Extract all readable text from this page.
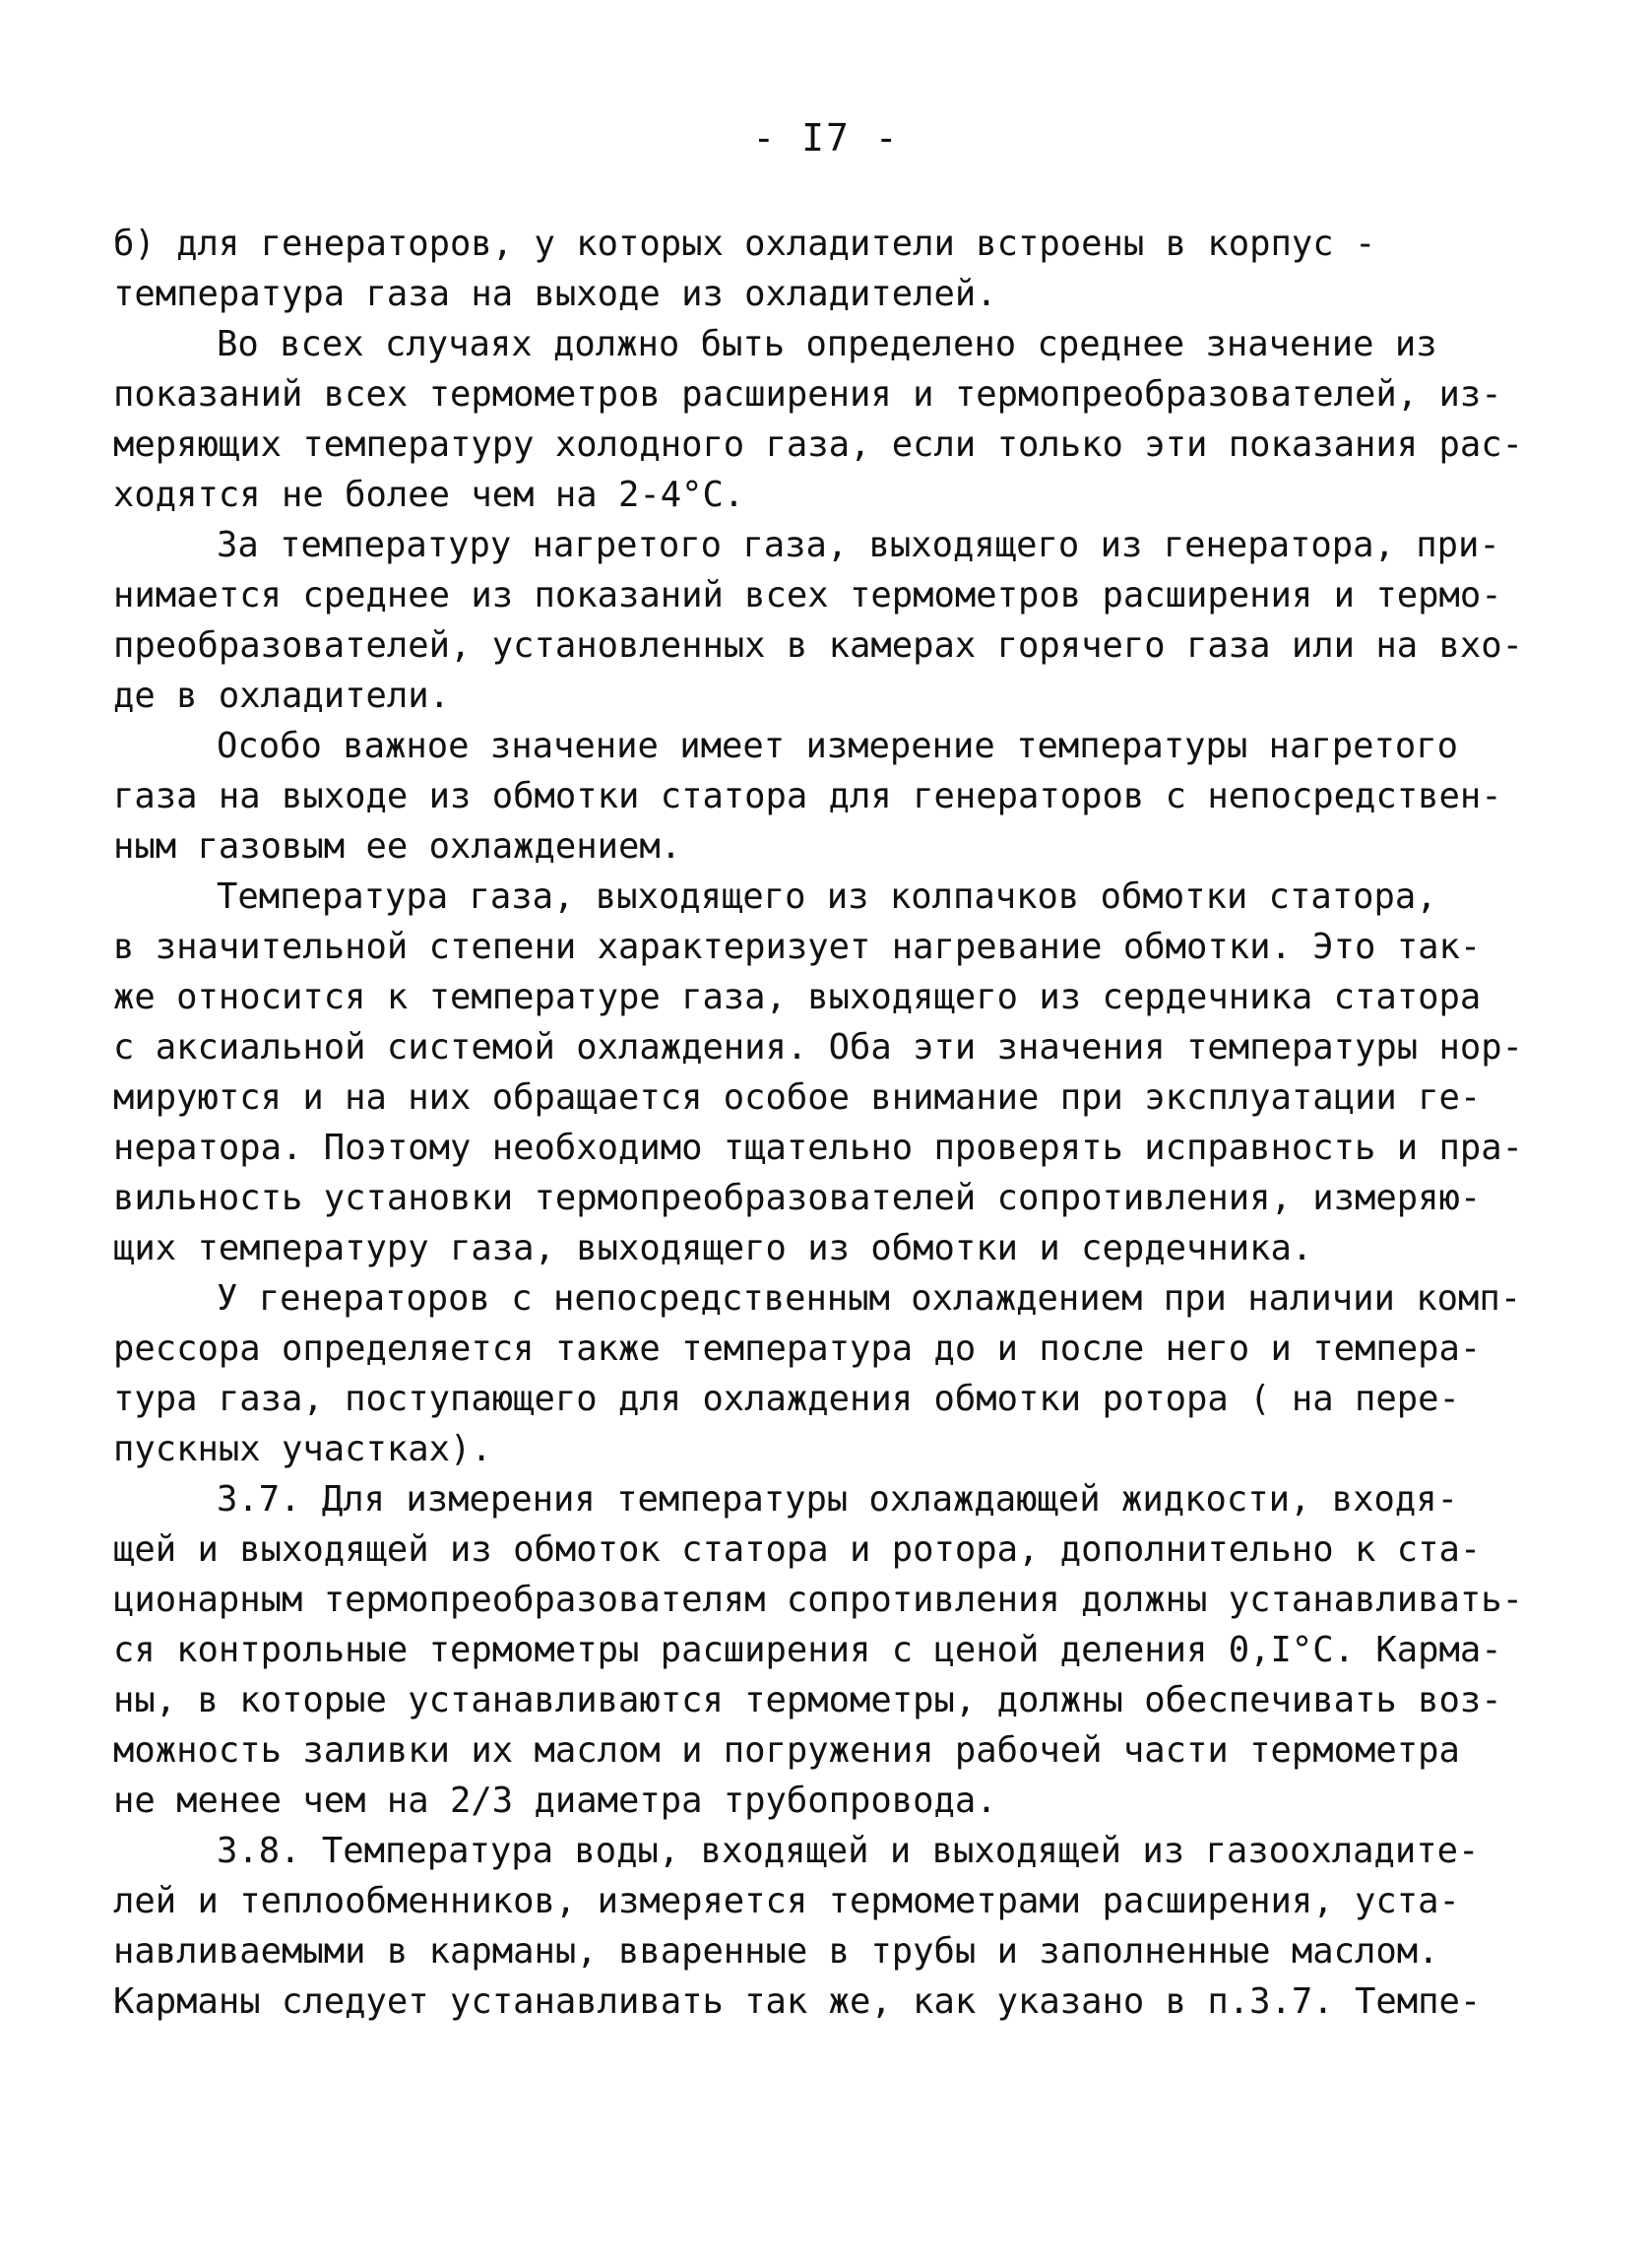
- I7 -
б) для генераторов, у которых охладители встроены в корпус -
температура газа на выходе из охладителей.
Во всех случаях должно быть определено среднее значение из
показаний всех термометров расширения и термопреобразователей, из-
меряющих температуру холодного газа, если только эти показания рас-
ходятся не более чем на 2-4°С.
За температуру нагретого газа, выходящего из генератора, при-
нимается среднее из показаний всех термометров расширения и термо-
преобразователей, установленных в камерах горячего газа или на вхо-
де в охладители.
Особо важное значение имеет измерение температуры нагретого
газа на выходе из обмотки статора для генераторов с непосредствен-
ным газовым ее охлаждением.
Температура газа, выходящего из колпачков обмотки статора,
в значительной степени характеризует нагревание обмотки. Это так-
же относится к температуре газа, выходящего из сердечника статора
с аксиальной системой охлаждения. Оба эти значения температуры нор-
мируются и на них обращается особое внимание при эксплуатации ге-
нератора. Поэтому необходимо тщательно проверять исправность и пра-
вильность установки термопреобразователей сопротивления, измеряю-
щих температуру газа, выходящего из обмотки и сердечника.
У генераторов с непосредственным охлаждением при наличии комп-
рессора определяется также температура до и после него и темпера-
тура газа, поступающего для охлаждения обмотки ротора ( на пере-
пускных участках).
3.7. Для измерения температуры охлаждающей жидкости, входя-
щей и выходящей из обмоток статора и ротора, дополнительно к ста-
ционарным термопреобразователям сопротивления должны устанавливать-
ся контрольные термометры расширения с ценой деления 0,I°С. Карма-
ны, в которые устанавливаются термометры, должны обеспечивать воз-
можность заливки их маслом и погружения рабочей части термометра
не менее чем на 2/3 диаметра трубопровода.
3.8. Температура воды, входящей и выходящей из газоохладите-
лей и теплообменников, измеряется термометрами расширения, уста-
навливаемыми в карманы, вваренные в трубы и заполненные маслом.
Карманы следует устанавливать так же, как указано в п.3.7. Темпе-
